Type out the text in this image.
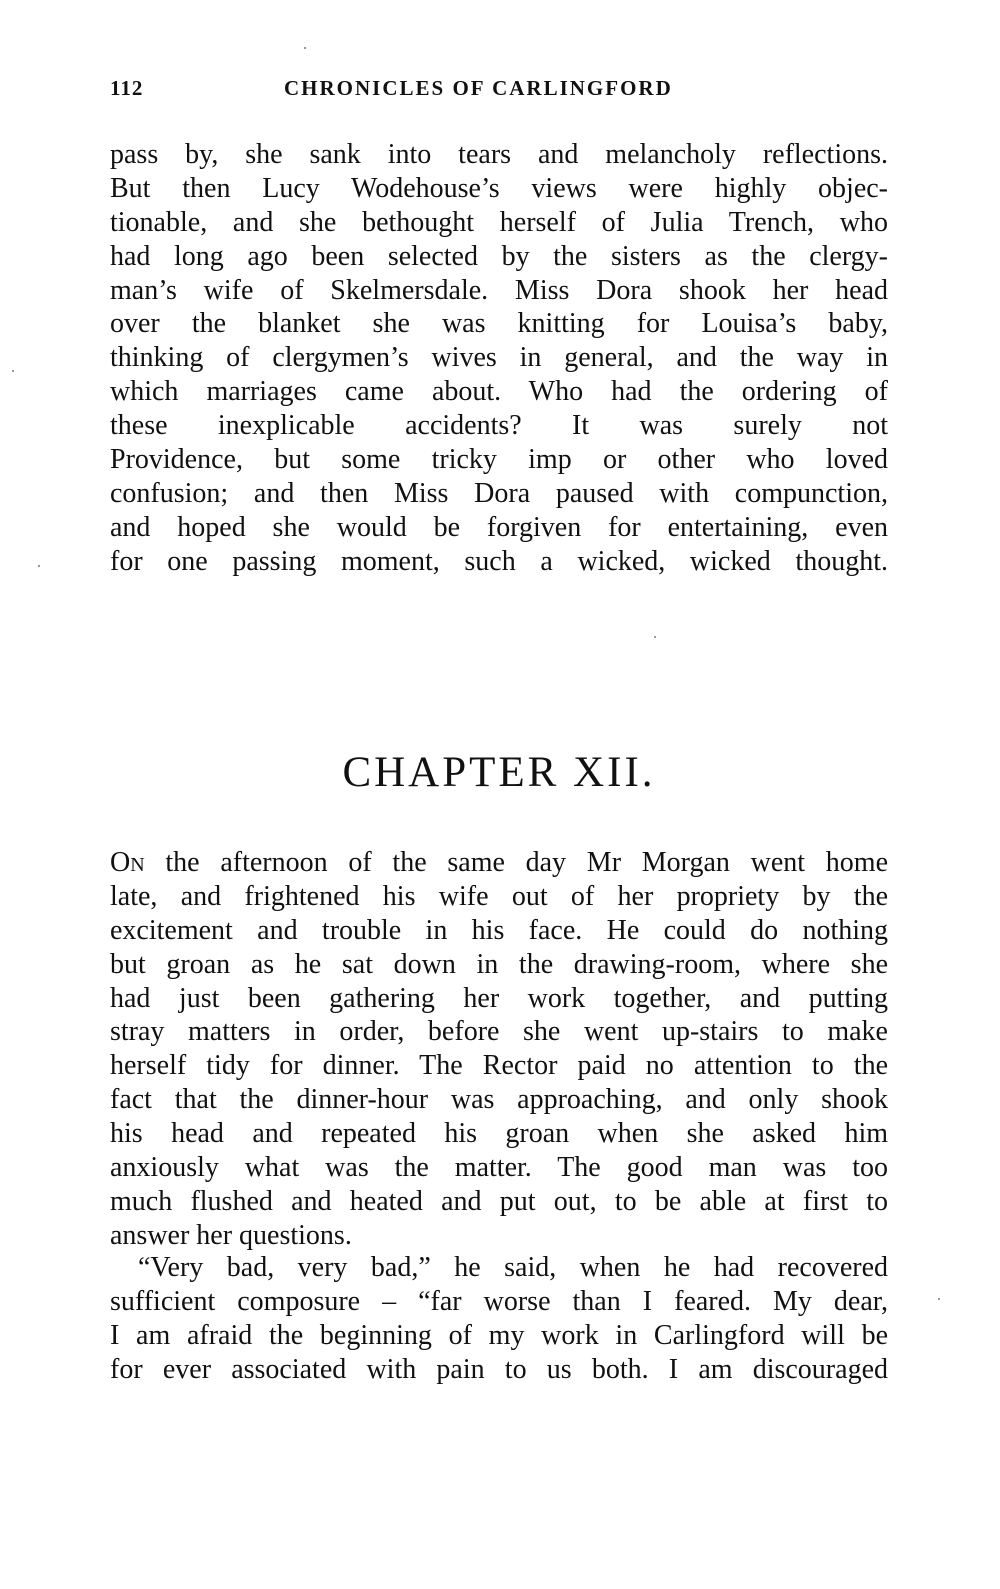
112	CHRONICLES OF CARLINGFORD
pass by, she sank into tears and melancholy reflections.
But then Lucy Wodehouse’s views were highly objec-
tionable, and she bethought herself of Julia Trench, who
had long ago been selected by the sisters as the clergy-
man’s wife of Skelmersdale. Miss Dora shook her head
over the blanket she was knitting for Louisa’s baby,
thinking of clergymen’s wives in general, and the way in
which marriages came about. Who had the ordering of
these inexplicable accidents? It was surely not
Providence, but some tricky imp or other who loved
confusion; and then Miss Dora paused with compunction,
and hoped she would be forgiven for entertaining, even
for one passing moment, such a wicked, wicked thought.
CHAPTER XII.
On the afternoon of the same day Mr Morgan went home
late, and frightened his wife out of her propriety by the
excitement and trouble in his face. He could do nothing
but groan as he sat down in the drawing-room, where she
had just been gathering her work together, and putting
stray matters in order, before she went up-stairs to make
herself tidy for dinner. The Rector paid no attention to the
fact that the dinner-hour was approaching, and only shook
his head and repeated his groan when she asked him
anxiously what was the matter. The good man was too
much flushed and heated and put out, to be able at first to
answer her questions.
“Very bad, very bad,” he said, when he had recovered
sufficient composure – “far worse than I feared. My dear,
I am afraid the beginning of my work in Carlingford will be
for ever associated with pain to us both. I am discouraged
